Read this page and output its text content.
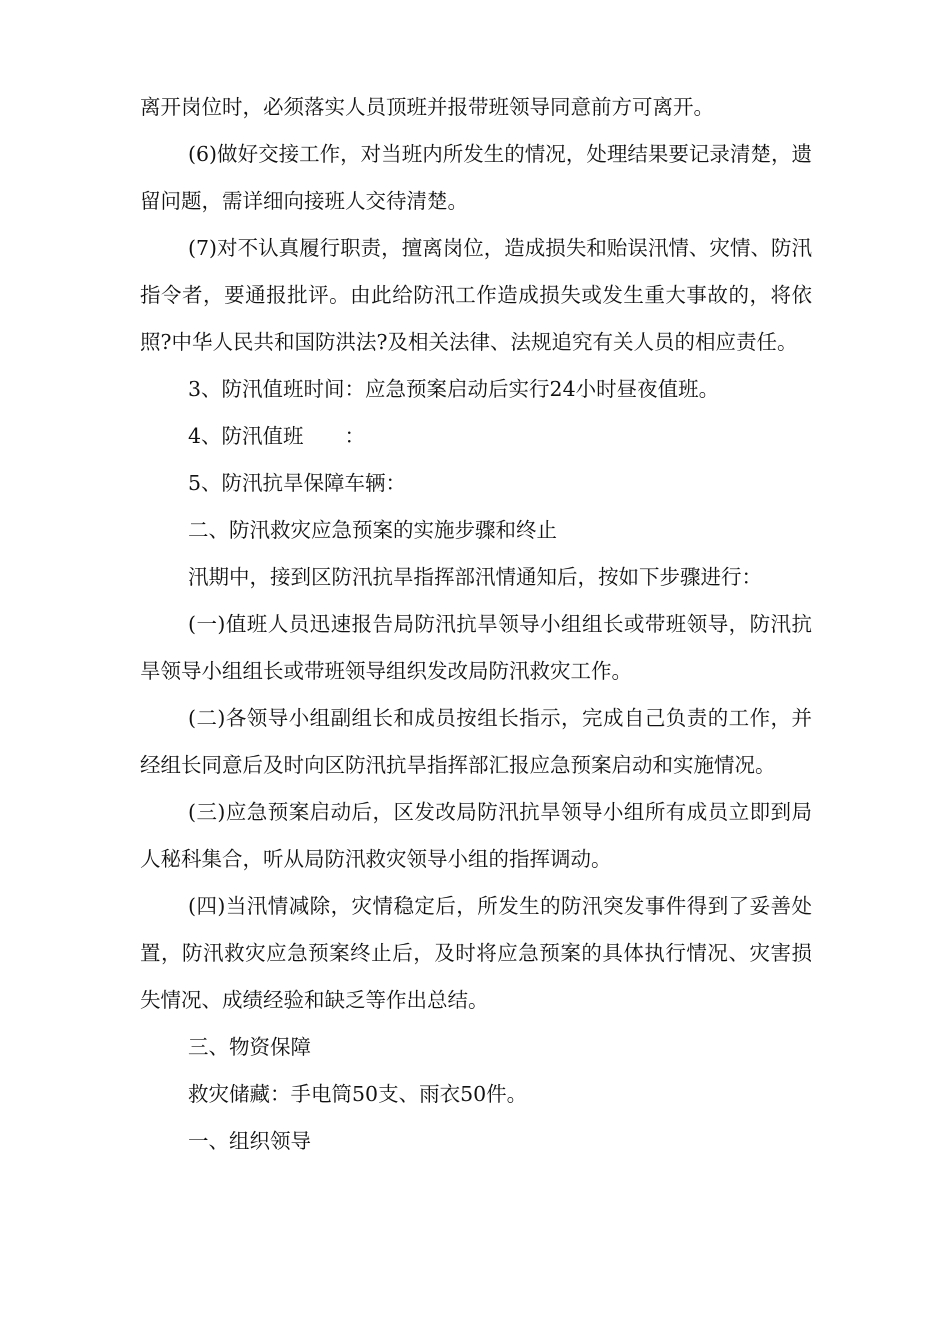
离开岗位时，必须落实人员顶班并报带班领导同意前方可离开。

(6)做好交接工作，对当班内所发生的情况，处理结果要记录清楚，遗留问题，需详细向接班人交待清楚。

(7)对不认真履行职责，擅离岗位，造成损失和贻误汛情、灾情、防汛指令者，要通报批评。由此给防汛工作造成损失或发生重大事故的，将依照?中华人民共和国防洪法?及相关法律、法规追究有关人员的相应责任。

3、防汛值班时间：应急预案启动后实行24小时昼夜值班。

4、防汛值班　　：

5、防汛抗旱保障车辆：

二、防汛救灾应急预案的实施步骤和终止

汛期中，接到区防汛抗旱指挥部汛情通知后，按如下步骤进行：

(一)值班人员迅速报告局防汛抗旱领导小组组长或带班领导，防汛抗旱领导小组组长或带班领导组织发改局防汛救灾工作。

(二)各领导小组副组长和成员按组长指示，完成自己负责的工作，并经组长同意后及时向区防汛抗旱指挥部汇报应急预案启动和实施情况。

(三)应急预案启动后，区发改局防汛抗旱领导小组所有成员立即到局人秘科集合，听从局防汛救灾领导小组的指挥调动。

(四)当汛情减除，灾情稳定后，所发生的防汛突发事件得到了妥善处置，防汛救灾应急预案终止后，及时将应急预案的具体执行情况、灾害损失情况、成绩经验和缺乏等作出总结。

三、物资保障

救灾储藏：手电筒50支、雨衣50件。

一、组织领导
